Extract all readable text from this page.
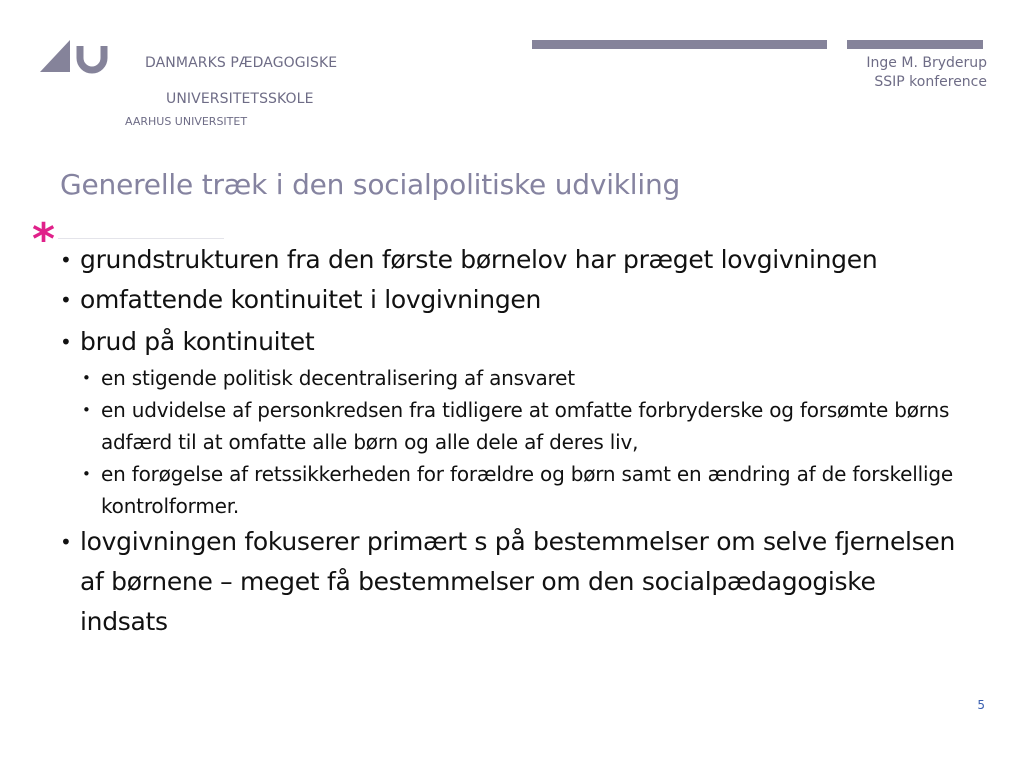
DANMARKS PÆDAGOGISKE
UNIVERSITETSSKOLE
AARHUS UNIVERSITET
Inge M. Bryderup
SSIP konference
Generelle træk i den socialpolitiske udvikling
* • grundstrukturen fra den første børnelov har præget lovgivningen
• omfattende kontinuitet i lovgivningen
• brud på kontinuitet
• en stigende politisk decentralisering af ansvaret
• en udvidelse af personkredsen fra tidligere at omfatte forbryderske og forsømte børns adfærd til at omfatte alle børn og alle dele af deres liv,
• en forøgelse af retssikkerheden for forældre og børn samt en ændring af de forskellige kontrolformer.
• lovgivningen fokuserer primært s på bestemmelser om selve fjernelsen af børnene – meget få bestemmelser om den socialpædagogiske indsats
5
